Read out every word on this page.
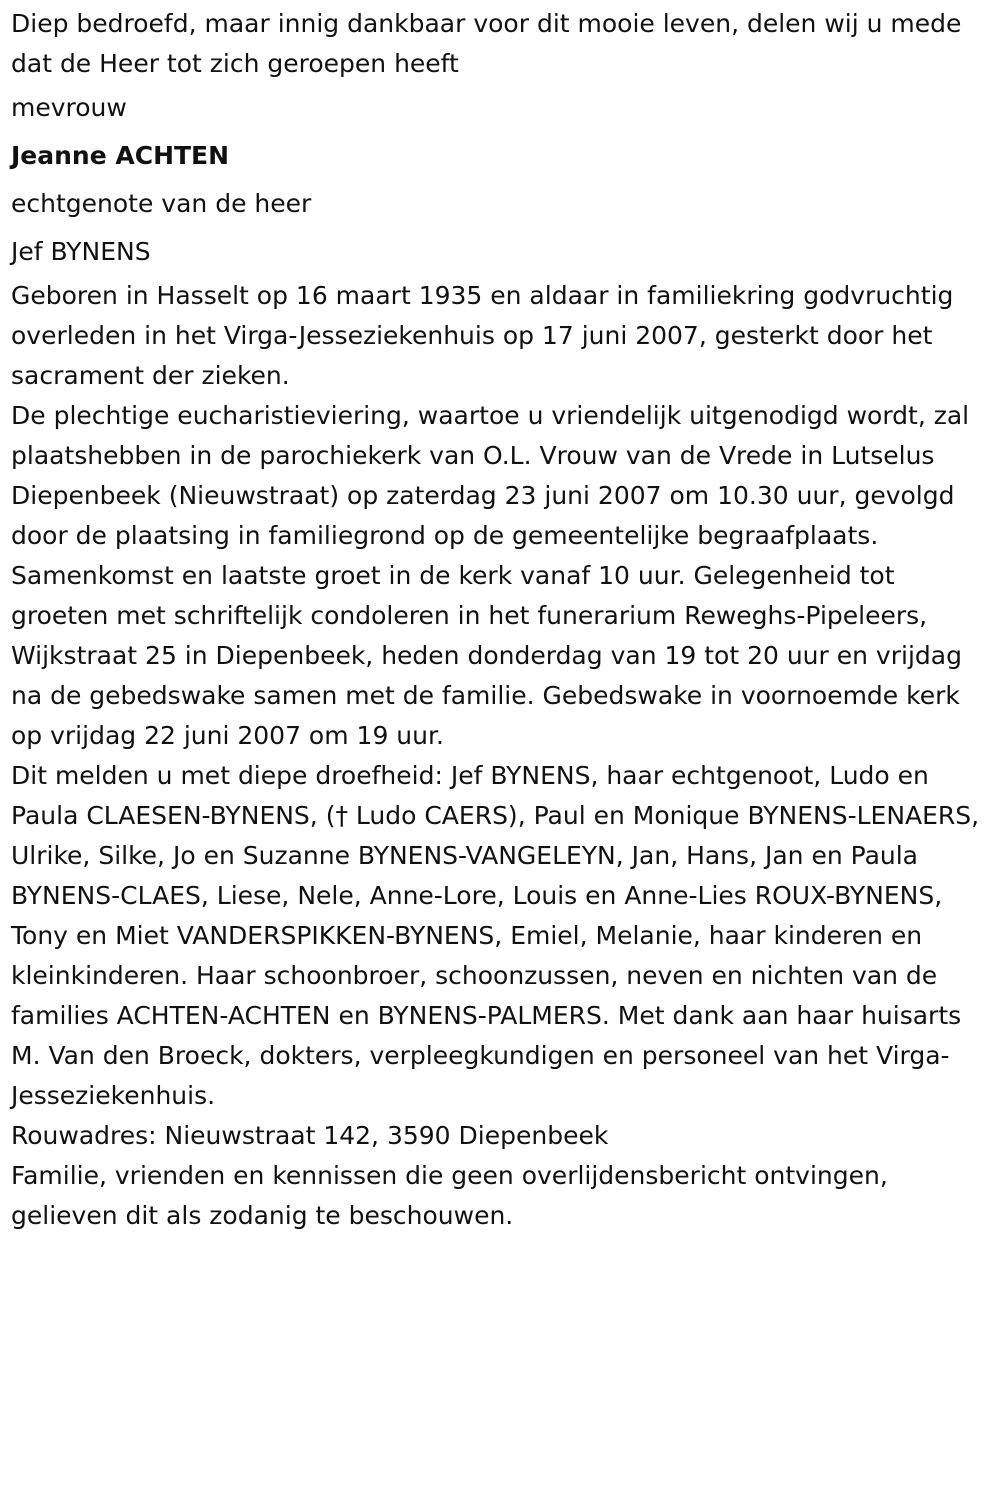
Diep bedroefd, maar innig dankbaar voor dit mooie leven, delen wij u mede dat de Heer tot zich geroepen heeft

mevrouw

Jeanne ACHTEN

echtgenote van de heer

Jef BYNENS

Geboren in Hasselt op 16 maart 1935 en aldaar in familiekring godvruchtig overleden in het Virga-Jesseziekenhuis op 17 juni 2007, gesterkt door het sacrament der zieken.

De plechtige eucharistieviering, waartoe u vriendelijk uitgenodigd wordt, zal plaatshebben in de parochiekerk van O.L. Vrouw van de Vrede in Lutselus Diepenbeek (Nieuwstraat) op zaterdag 23 juni 2007 om 10.30 uur, gevolgd door de plaatsing in familiegrond op de gemeentelijke begraafplaats. Samenkomst en laatste groet in de kerk vanaf 10 uur. Gelegenheid tot groeten met schriftelijk condoleren in het funerarium Reweghs-Pipeleers, Wijkstraat 25 in Diepenbeek, heden donderdag van 19 tot 20 uur en vrijdag na de gebedswake samen met de familie. Gebedswake in voornoemde kerk op vrijdag 22 juni 2007 om 19 uur.

Dit melden u met diepe droefheid: Jef BYNENS, haar echtgenoot, Ludo en Paula CLAESEN-BYNENS, († Ludo CAERS), Paul en Monique BYNENS-LENAERS, Ulrike, Silke, Jo en Suzanne BYNENS-VANGELEYN, Jan, Hans, Jan en Paula BYNENS-CLAES, Liese, Nele, Anne-Lore, Louis en Anne-Lies ROUX-BYNENS, Tony en Miet VANDERSPIKKEN-BYNENS, Emiel, Melanie, haar kinderen en kleinkinderen. Haar schoonbroer, schoonzussen, neven en nichten van de families ACHTEN-ACHTEN en BYNENS-PALMERS. Met dank aan haar huisarts M. Van den Broeck, dokters, verpleegkundigen en personeel van het Virga-Jesseziekenhuis.

Rouwadres: Nieuwstraat 142, 3590 Diepenbeek

Familie, vrienden en kennissen die geen overlijdensbericht ontvingen, gelieven dit als zodanig te beschouwen.
